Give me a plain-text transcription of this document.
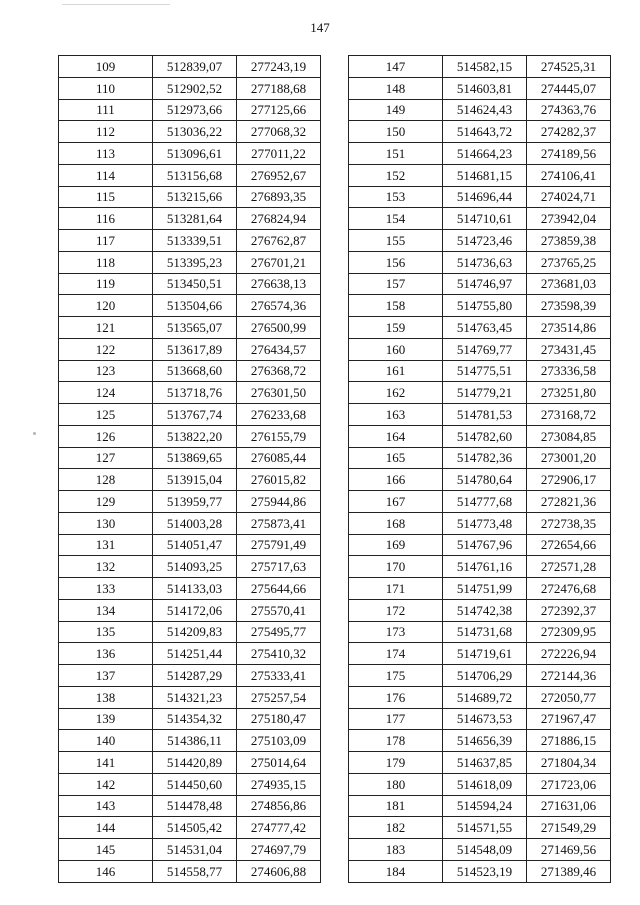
147
109	512839,07	277243,19
110	512902,52	277188,68
111	512973,66	277125,66
112	513036,22	277068,32
113	513096,61	277011,22
114	513156,68	276952,67
115	513215,66	276893,35
116	513281,64	276824,94
117	513339,51	276762,87
118	513395,23	276701,21
119	513450,51	276638,13
120	513504,66	276574,36
121	513565,07	276500,99
122	513617,89	276434,57
123	513668,60	276368,72
124	513718,76	276301,50
125	513767,74	276233,68
126	513822,20	276155,79
127	513869,65	276085,44
128	513915,04	276015,82
129	513959,77	275944,86
130	514003,28	275873,41
131	514051,47	275791,49
132	514093,25	275717,63
133	514133,03	275644,66
134	514172,06	275570,41
135	514209,83	275495,77
136	514251,44	275410,32
137	514287,29	275333,41
138	514321,23	275257,54
139	514354,32	275180,47
140	514386,11	275103,09
141	514420,89	275014,64
142	514450,60	274935,15
143	514478,48	274856,86
144	514505,42	274777,42
145	514531,04	274697,79
146	514558,77	274606,88
147	514582,15	274525,31
148	514603,81	274445,07
149	514624,43	274363,76
150	514643,72	274282,37
151	514664,23	274189,56
152	514681,15	274106,41
153	514696,44	274024,71
154	514710,61	273942,04
155	514723,46	273859,38
156	514736,63	273765,25
157	514746,97	273681,03
158	514755,80	273598,39
159	514763,45	273514,86
160	514769,77	273431,45
161	514775,51	273336,58
162	514779,21	273251,80
163	514781,53	273168,72
164	514782,60	273084,85
165	514782,36	273001,20
166	514780,64	272906,17
167	514777,68	272821,36
168	514773,48	272738,35
169	514767,96	272654,66
170	514761,16	272571,28
171	514751,99	272476,68
172	514742,38	272392,37
173	514731,68	272309,95
174	514719,61	272226,94
175	514706,29	272144,36
176	514689,72	272050,77
177	514673,53	271967,47
178	514656,39	271886,15
179	514637,85	271804,34
180	514618,09	271723,06
181	514594,24	271631,06
182	514571,55	271549,29
183	514548,09	271469,56
184	514523,19	271389,46
